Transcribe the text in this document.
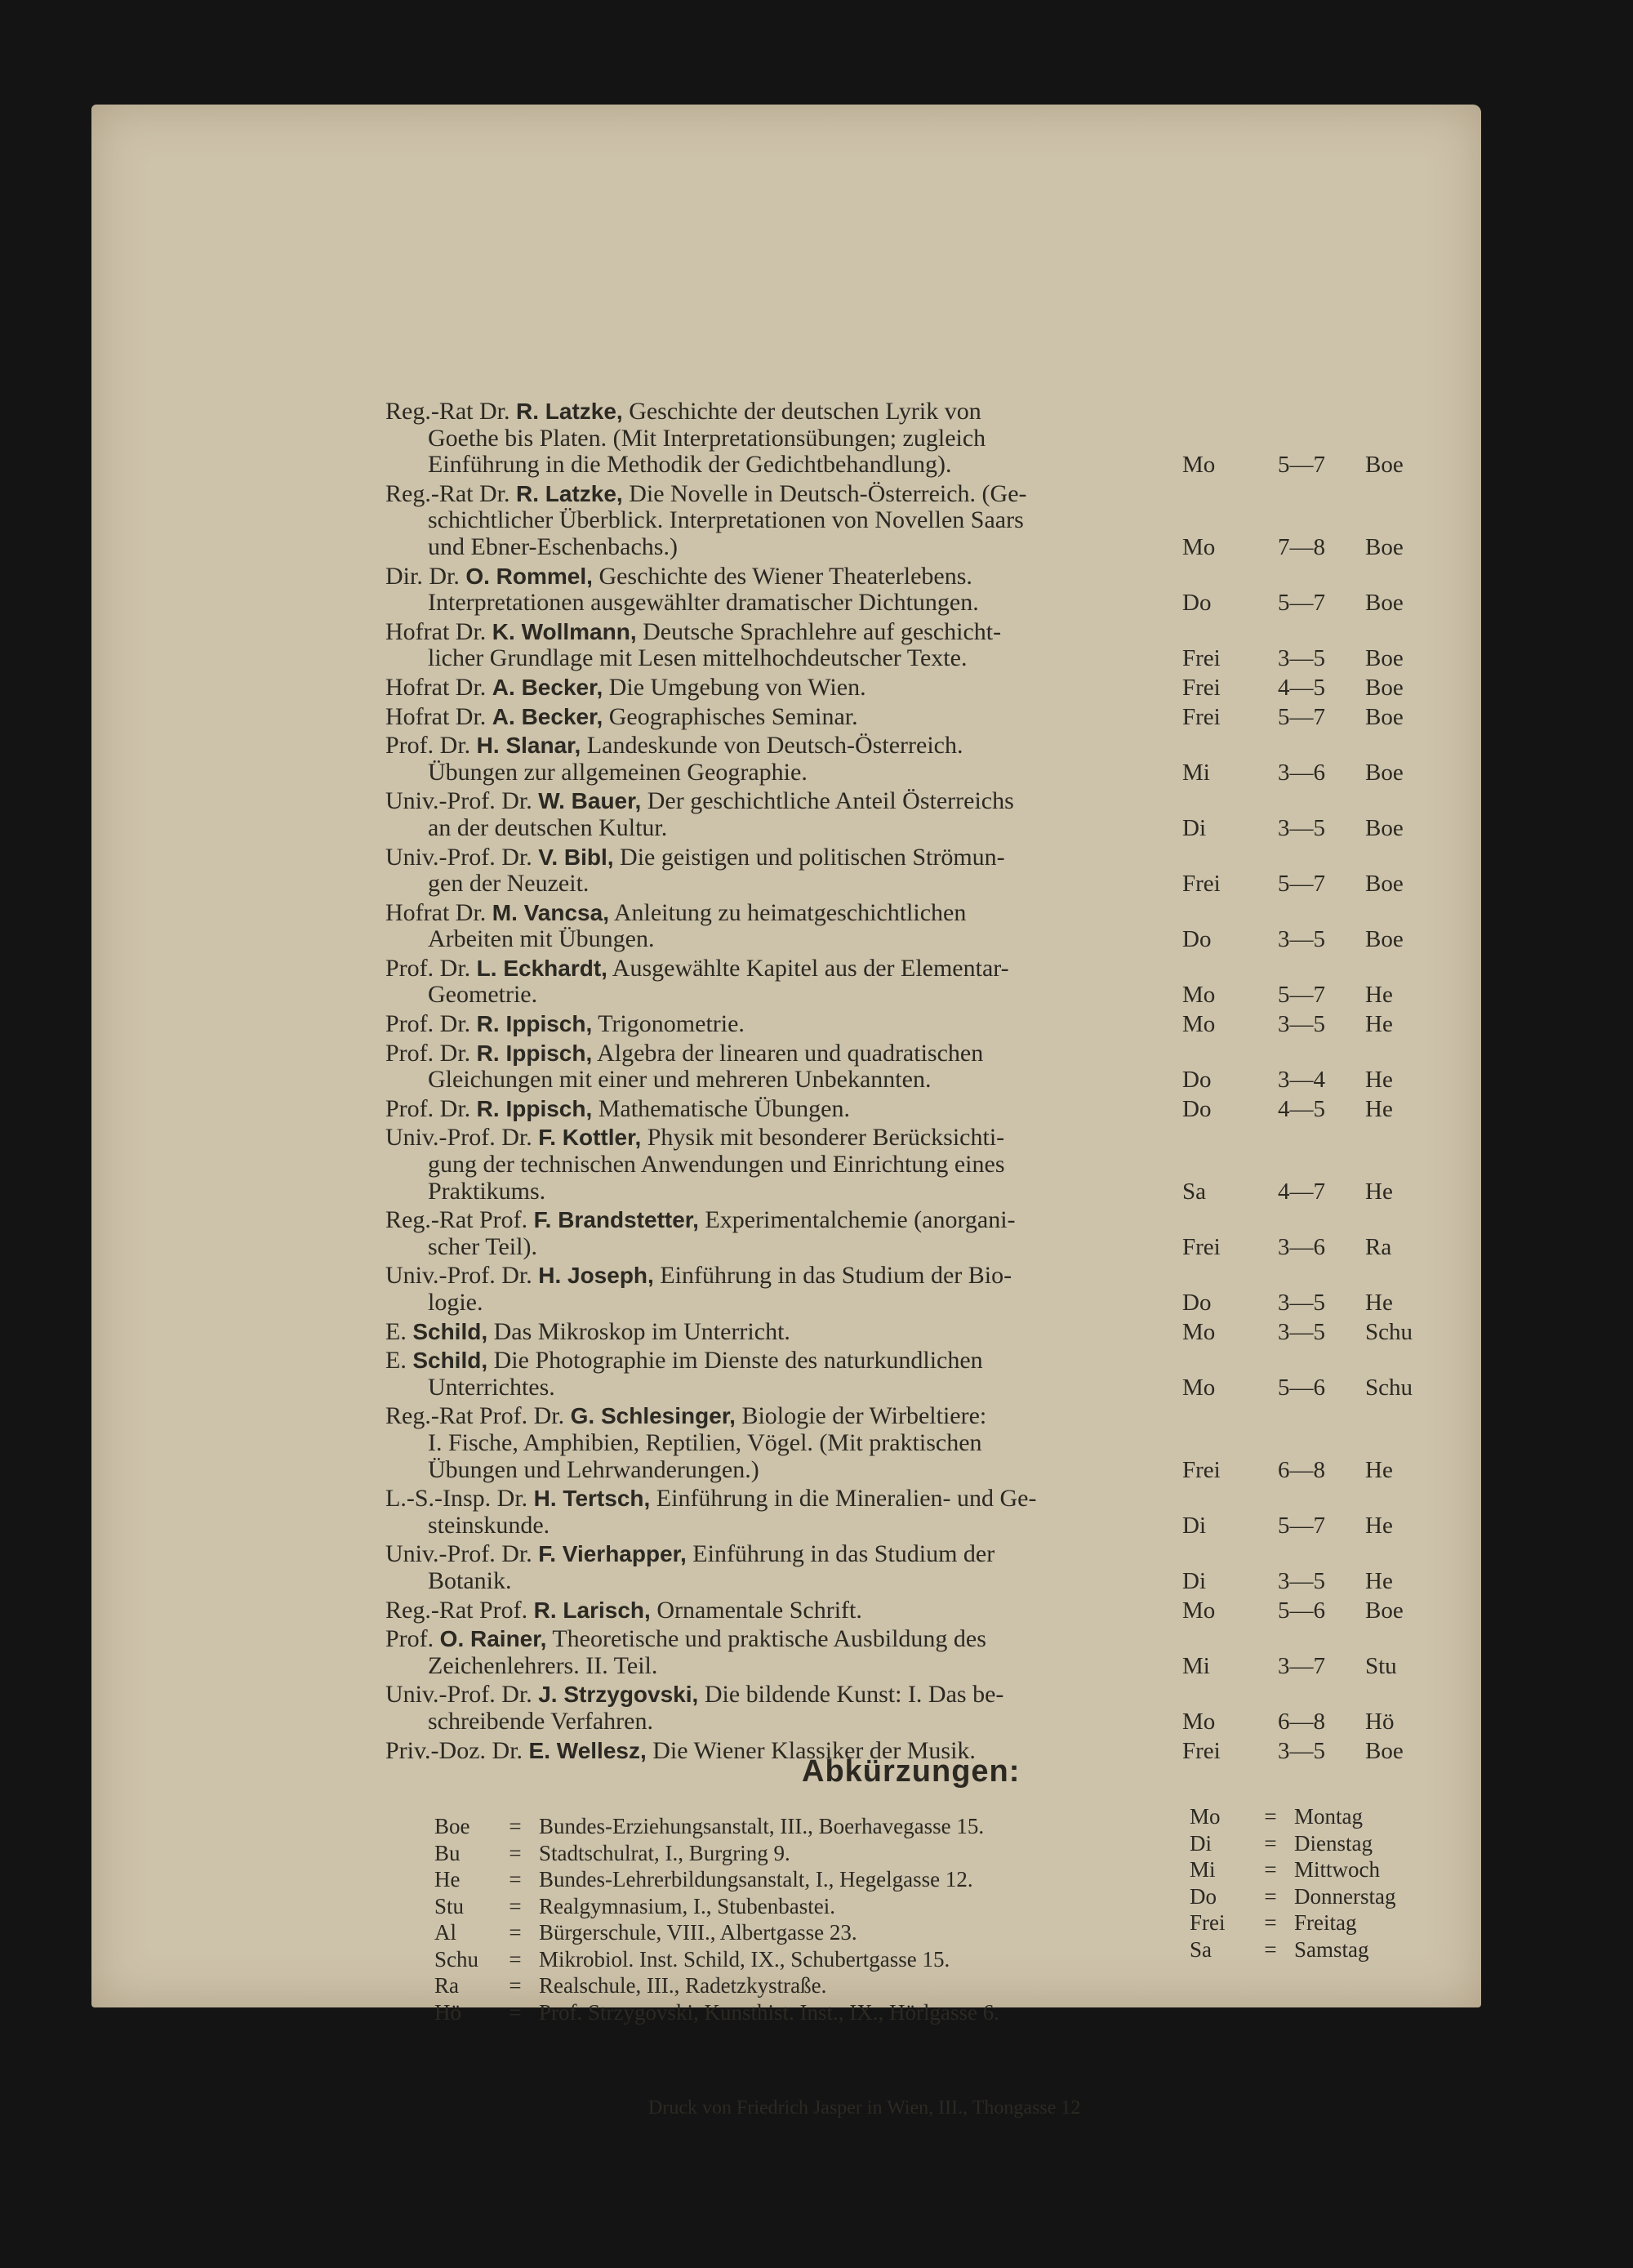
Reg.-Rat Dr. R. Latzke, Geschichte der deutschen Lyrik von
Goethe bis Platen. (Mit Interpretationsübungen; zugleich
Einführung in die Methodik der Gedichtbehandlung).	Mo	5—7	Boe
Reg.-Rat Dr. R. Latzke, Die Novelle in Deutsch-Österreich. (Ge-
schichtlicher Überblick. Interpretationen von Novellen Saars
und Ebner-Eschenbachs.)	Mo	7—8	Boe
Dir. Dr. O. Rommel, Geschichte des Wiener Theaterlebens.
Interpretationen ausgewählter dramatischer Dichtungen.	Do	5—7	Boe
Hofrat Dr. K. Wollmann, Deutsche Sprachlehre auf geschicht-
licher Grundlage mit Lesen mittelhochdeutscher Texte.	Frei	3—5	Boe
Hofrat Dr. A. Becker, Die Umgebung von Wien.	Frei	4—5	Boe
Hofrat Dr. A. Becker, Geographisches Seminar.	Frei	5—7	Boe
Prof. Dr. H. Slanar, Landeskunde von Deutsch-Österreich.
Übungen zur allgemeinen Geographie.	Mi	3—6	Boe
Univ.-Prof. Dr. W. Bauer, Der geschichtliche Anteil Österreichs
an der deutschen Kultur.	Di	3—5	Boe
Univ.-Prof. Dr. V. Bibl, Die geistigen und politischen Strömun-
gen der Neuzeit.	Frei	5—7	Boe
Hofrat Dr. M. Vancsa, Anleitung zu heimatgeschichtlichen
Arbeiten mit Übungen.	Do	3—5	Boe
Prof. Dr. L. Eckhardt, Ausgewählte Kapitel aus der Elementar-
Geometrie.	Mo	5—7	He
Prof. Dr. R. Ippisch, Trigonometrie.	Mo	3—5	He
Prof. Dr. R. Ippisch, Algebra der linearen und quadratischen
Gleichungen mit einer und mehreren Unbekannten.	Do	3—4	He
Prof. Dr. R. Ippisch, Mathematische Übungen.	Do	4—5	He
Univ.-Prof. Dr. F. Kottler, Physik mit besonderer Berücksichti-
gung der technischen Anwendungen und Einrichtung eines
Praktikums.	Sa	4—7	He
Reg.-Rat Prof. F. Brandstetter, Experimentalchemie (anorgani-
scher Teil).	Frei	3—6	Ra
Univ.-Prof. Dr. H. Joseph, Einführung in das Studium der Bio-
logie.	Do	3—5	He
E. Schild, Das Mikroskop im Unterricht.	Mo	3—5	Schu
E. Schild, Die Photographie im Dienste des naturkundlichen
Unterrichtes.	Mo	5—6	Schu
Reg.-Rat Prof. Dr. G. Schlesinger, Biologie der Wirbeltiere:
I. Fische, Amphibien, Reptilien, Vögel. (Mit praktischen
Übungen und Lehrwanderungen.)	Frei	6—8	He
L.-S.-Insp. Dr. H. Tertsch, Einführung in die Mineralien- und Ge-
steinskunde.	Di	5—7	He
Univ.-Prof. Dr. F. Vierhapper, Einführung in das Studium der
Botanik.	Di	3—5	He
Reg.-Rat Prof. R. Larisch, Ornamentale Schrift.	Mo	5—6	Boe
Prof. O. Rainer, Theoretische und praktische Ausbildung des
Zeichenlehrers. II. Teil.	Mi	3—7	Stu
Univ.-Prof. Dr. J. Strzygovski, Die bildende Kunst: I. Das be-
schreibende Verfahren.	Mo	6—8	Hö
Priv.-Doz. Dr. E. Wellesz, Die Wiener Klassiker der Musik.	Frei	3—5	Boe
Abkürzungen:
Boe	= Bundes-Erziehungsanstalt, III., Boerhavegasse 15.
Bu	= Stadtschulrat, I., Burgring 9.
He	= Bundes-Lehrerbildungsanstalt, I., Hegelgasse 12.
Stu	= Realgymnasium, I., Stubenbastei.
Al	= Bürgerschule, VIII., Albertgasse 23.
Schu	= Mikrobiol. Inst. Schild, IX., Schubertgasse 15.
Ra	= Realschule, III., Radetzkystraße.
Hö	= Prof. Strzygovski, Kunsthist. Inst., IX., Hörlgasse 6.
Mo	= Montag
Di	= Dienstag
Mi	= Mittwoch
Do	= Donnerstag
Frei	= Freitag
Sa	= Samstag
Druck von Friedrich Jasper in Wien, III., Thongasse 12
